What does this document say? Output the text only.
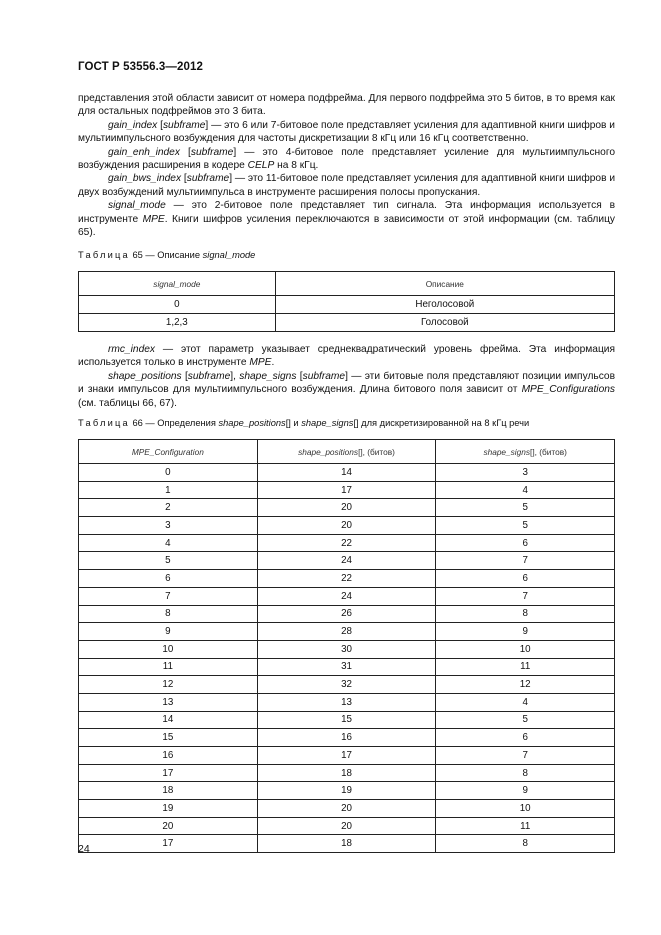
ГОСТ Р 53556.3—2012

представления этой области зависит от номера подфрейма. Для первого подфрейма это 5 битов, в то время как для остальных подфреймов это 3 бита.

gain_index [subframe] — это 6 или 7-битовое поле представляет усиления для адаптивной книги шифров и мультиимпульсного возбуждения для частоты дискретизации 8 кГц или 16 кГц соответственно.

gain_enh_index [subframe] — это 4-битовое поле представляет усиление для мультиимпульсного возбуждения расширения в кодере CELP на 8 кГц.

gain_bws_index [subframe] — это 11-битовое поле представляет усиления для адаптивной книги шифров и двух возбуждений мультиимпульса в инструменте расширения полосы пропускания.

signal_mode — это 2-битовое поле представляет тип сигнала. Эта информация используется в инструменте MPE. Книги шифров усиления переключаются в зависимости от этой информации (см. таблицу 65).

Таблица 65 — Описание signal_mode
signal_mode	Описание
0	Неголосовой
1,2,3	Голосовой

rmc_index — этот параметр указывает среднеквадратический уровень фрейма. Эта информация используется только в инструменте MPE.

shape_positions [subframe], shape_signs [subframe] — эти битовые поля представляют позиции импульсов и знаки импульсов для мультиимпульсного возбуждения. Длина битового поля зависит от MPE_Configurations (см. таблицы 66, 67).

Таблица 66 — Определения shape_positions[] и shape_signs[] для дискретизированной на 8 кГц речи
MPE_Configuration	shape_positions[], (битов)	shape_signs[], (битов)
0	14	3
1	17	4
2	20	5
3	20	5
4	22	6
5	24	7
6	22	6
7	24	7
8	26	8
9	28	9
10	30	10
11	31	11
12	32	12
13	13	4
14	15	5
15	16	6
16	17	7
17	18	8
18	19	9
19	20	10
20	20	11
17	18	8
24
